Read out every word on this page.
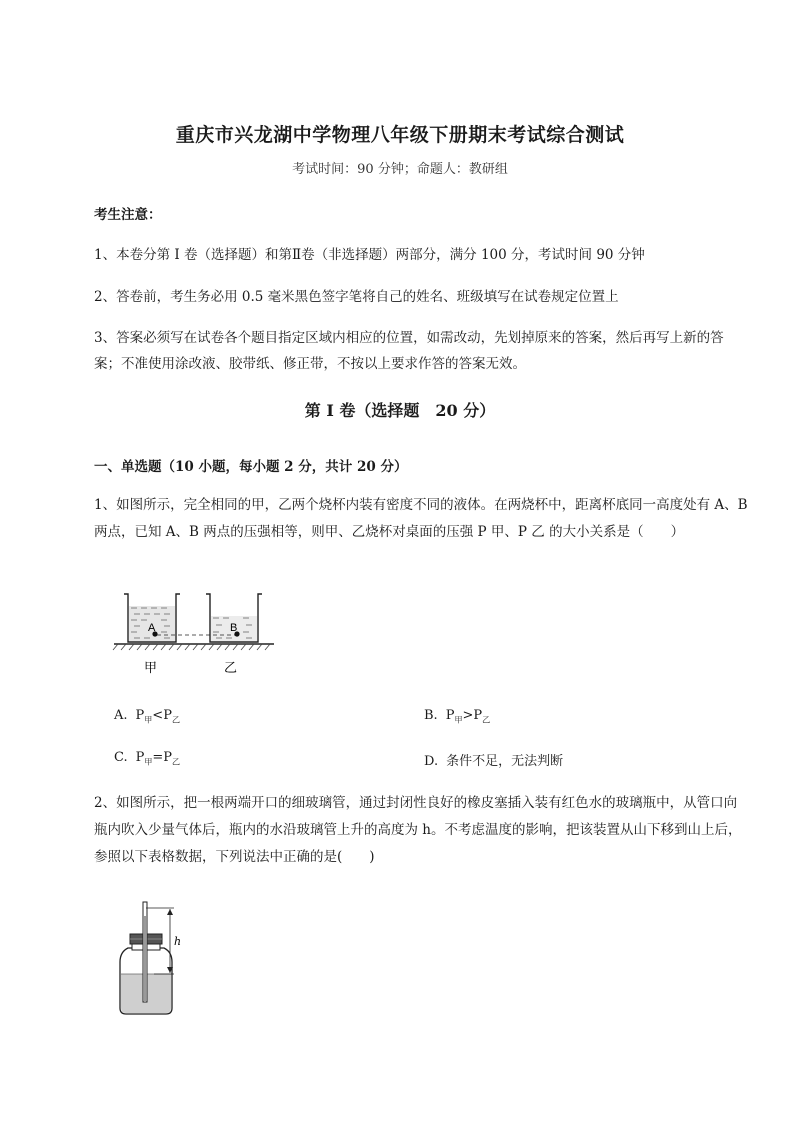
重庆市兴龙湖中学物理八年级下册期末考试综合测试
考试时间：90 分钟；命题人：教研组
考生注意：
1、本卷分第 I 卷（选择题）和第Ⅱ卷（非选择题）两部分，满分 100 分，考试时间 90 分钟
2、答卷前，考生务必用 0.5 毫米黑色签字笔将自己的姓名、班级填写在试卷规定位置上
3、答案必须写在试卷各个题目指定区域内相应的位置，如需改动，先划掉原来的答案，然后再写上新的答案；不准使用涂改液、胶带纸、修正带，不按以上要求作答的答案无效。
第 I 卷（选择题　20 分）
一、单选题（10 小题，每小题 2 分，共计 20 分）
1、如图所示，完全相同的甲，乙两个烧杯内装有密度不同的液体。在两烧杯中，距离杯底同一高度处有 A、B 两点，已知 A、B 两点的压强相等，则甲、乙烧杯对桌面的压强 P 甲、P 乙 的大小关系是（　　）
A	B
甲	乙
A. $P_甲<P_乙$	B. $P_甲>P_乙$
C. $P_甲=P_乙$	D. 条件不足，无法判断
2、如图所示，把一根两端开口的细玻璃管，通过封闭性良好的橡皮塞插入装有红色水的玻璃瓶中，从管口向瓶内吹入少量气体后，瓶内的水沿玻璃管上升的高度为 h。不考虑温度的影响，把该装置从山下移到山上后，参照以下表格数据，下列说法中正确的是(　　)
h
